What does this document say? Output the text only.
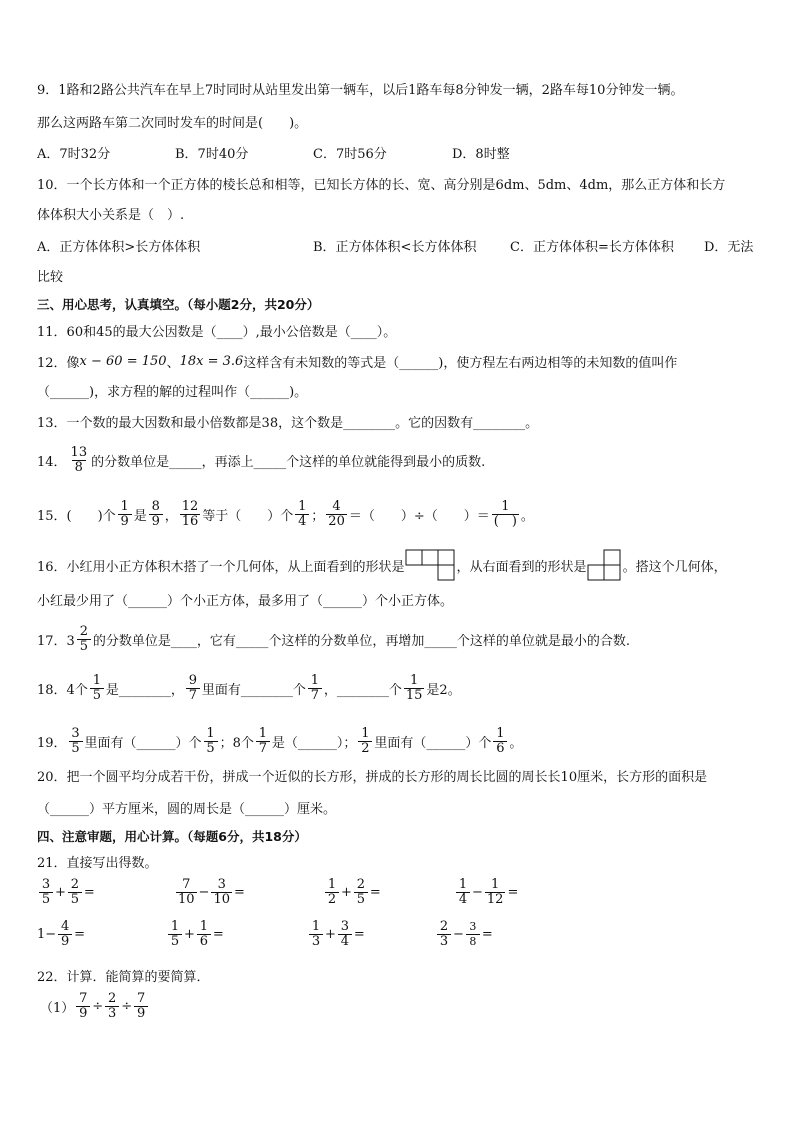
9．1路和2路公共汽车在早上7时同时从站里发出第一辆车，以后1路车每8分钟发一辆，2路车每10分钟发一辆。
那么这两路车第二次同时发车的时间是(　　)。
A．7时32分	B．7时40分	C．7时56分	D．8时整
10．一个长方体和一个正方体的棱长总和相等，已知长方体的长、宽、高分别是6dm、5dm、4dm，那么正方体和长方
体体积大小关系是（　）.
A．正方体体积>长方体体积	B．正方体体积<长方体体积	C．正方体体积=长方体体积 D．无法
比较
三、用心思考，认真填空。（每小题2分，共20分）
11．60和45的最大公因数是（____）,最小公倍数是（____）。
12．像 x − 60 = 150 、 18x = 3.6 这样含有未知数的等式是（______)，使方程左右两边相等的未知数的值叫作
（______)，求方程的解的过程叫作（______)。
13．一个数的最大因数和最小倍数都是38，这个数是________。它的因数有________。
14． $\frac{13}{8}$ 的分数单位是_____，再添上_____个这样的单位就能得到最小的质数.
15．(　　)个 $\frac{1}{9}$ 是 $\frac{8}{9}$ ， $\frac{12}{16}$ 等于（　　）个 $\frac{1}{4}$ ； $\frac{4}{20}$ ＝（　　）÷（　　）＝ $\frac{1}{( )}$ 。
16．小红用小正方体积木搭了一个几何体，从上面看到的形状是	，从右面看到的形状是	。搭这个几何体，
小红最少用了（______）个小正方体，最多用了（______）个小正方体。
17．$3 \frac{2}{5}$ 的分数单位是____，它有_____个这样的分数单位，再增加_____个这样的单位就是最小的合数.
18．4个 $\frac{1}{5}$ 是________， $\frac{9}{7}$ 里面有________个 $\frac{1}{7}$ ，________个 $\frac{1}{15}$ 是2。
19． $\frac{3}{5}$ 里面有（______）个 $\frac{1}{5}$ ；8个 $\frac{1}{7}$ 是（______）； $\frac{1}{2}$ 里面有（______）个 $\frac{1}{6}$ 。
20．把一个圆平均分成若干份，拼成一个近似的长方形，拼成的长方形的周长比圆的周长长10厘米，长方形的面积是
（______）平方厘米，圆的周长是（______）厘米。
四、注意审题，用心计算。（每题6分，共18分）
21．直接写出得数。
$\frac{3}{5} + \frac{2}{5}$ =	$\frac{7}{10} - \frac{3}{10}$ =	$\frac{1}{2} + \frac{2}{5}$ =	$\frac{1}{4} - \frac{1}{12}$ =
$1- \frac{4}{9}$ =	$\frac{1}{5} + \frac{1}{6}$ =	$\frac{1}{3} + \frac{3}{4}$ =	$\frac{2}{3} - \frac{3}{8}$ =
22．计算．能简算的要简算．
$(1) \frac{7}{9} \div \frac{2}{3} \div \frac{7}{9}$
